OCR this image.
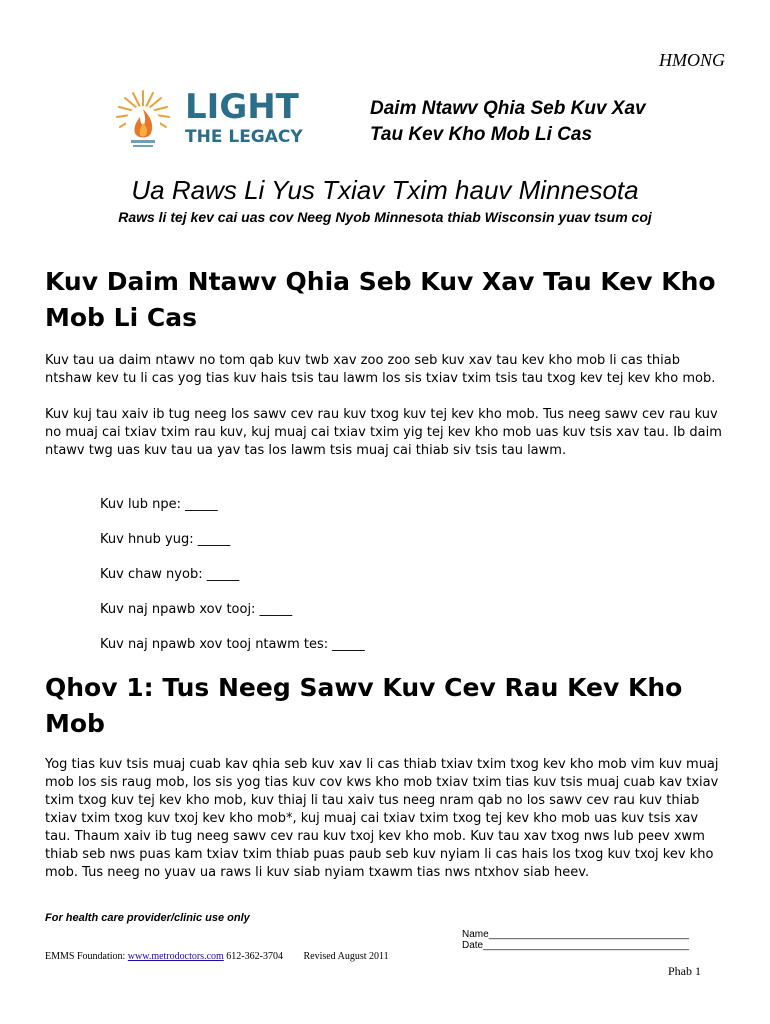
HMONG
LIGHT
THE LEGACY
Daim Ntawv Qhia Seb Kuv Xav
Tau Kev Kho Mob Li Cas
Ua Raws Li Yus Txiav Txim hauv Minnesota
Raws li tej kev cai uas cov Neeg Nyob Minnesota thiab Wisconsin yuav tsum coj
Kuv Daim Ntawv Qhia Seb Kuv Xav Tau Kev Kho
Mob Li Cas
Kuv tau ua daim ntawv no tom qab kuv twb xav zoo zoo seb kuv xav tau kev kho mob li cas thiab ntshaw kev tu li cas yog tias kuv hais tsis tau lawm los sis txiav txim tsis tau txog kev tej kev kho mob.
Kuv kuj tau xaiv ib tug neeg los sawv cev rau kuv txog kuv tej kev kho mob. Tus neeg sawv cev rau kuv no muaj cai txiav txim rau kuv, kuj muaj cai txiav txim yig tej kev kho mob uas kuv tsis xav tau. Ib daim ntawv twg uas kuv tau ua yav tas los lawm tsis muaj cai thiab siv tsis tau lawm.
Kuv lub npe: _____
Kuv hnub yug: _____
Kuv chaw nyob: _____
Kuv naj npawb xov tooj: _____
Kuv naj npawb xov tooj ntawm tes: _____
Qhov 1: Tus Neeg Sawv Kuv Cev Rau Kev Kho
Mob
Yog tias kuv tsis muaj cuab kav qhia seb kuv xav li cas thiab txiav txim txog kev kho mob vim kuv muaj mob los sis raug mob, los sis yog tias kuv cov kws kho mob txiav txim tias kuv tsis muaj cuab kav txiav txim txog kuv tej kev kho mob, kuv thiaj li tau xaiv tus neeg nram qab no los sawv cev rau kuv thiab txiav txim txog kuv txoj kev kho mob*, kuj muaj cai txiav txim txog tej kev kho mob uas kuv tsis xav tau. Thaum xaiv ib tug neeg sawv cev rau kuv txoj kev kho mob. Kuv tau xav txog nws lub peev xwm thiab seb nws puas kam txiav txim thiab puas paub seb kuv nyiam li cas hais los txog kuv txoj kev kho mob. Tus neeg no yuav ua raws li kuv siab nyiam txawm tias nws ntxhov siab heev.
For health care provider/clinic use only
Name____________________________________
Date_____________________________________
EMMS Foundation: www.metrodoctors.com 612-362-3704 Revised August 2011
Phab 1
